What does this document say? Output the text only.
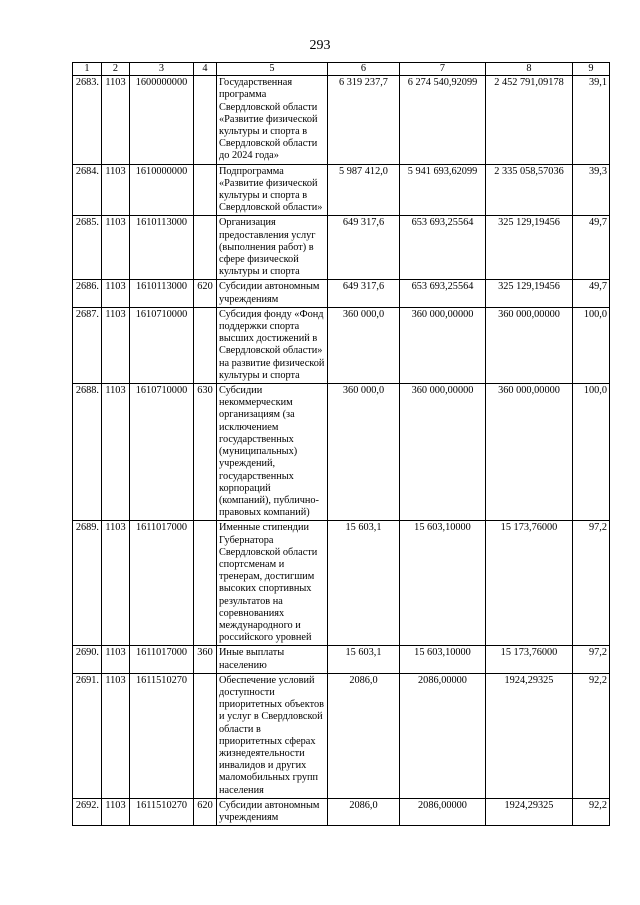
293
1	2	3	4	5	6	7	8	9
2683.	1103	1600000000		Государственная программа Свердловской области «Развитие физической культуры и спорта в Свердловской области до 2024 года»	6 319 237,7	6 274 540,92099	2 452 791,09178	39,1
2684.	1103	1610000000		Подпрограмма «Развитие физической культуры и спорта в Свердловской области»	5 987 412,0	5 941 693,62099	2 335 058,57036	39,3
2685.	1103	1610113000		Организация предоставления услуг (выполнения работ) в сфере физической культуры и спорта	649 317,6	653 693,25564	325 129,19456	49,7
2686.	1103	1610113000	620	Субсидии автономным учреждениям	649 317,6	653 693,25564	325 129,19456	49,7
2687.	1103	1610710000		Субсидия фонду «Фонд поддержки спорта высших достижений в Свердловской области» на развитие физической культуры и спорта	360 000,0	360 000,00000	360 000,00000	100,0
2688.	1103	1610710000	630	Субсидии некоммерческим организациям (за исключением государственных (муниципальных) учреждений, государственных корпораций (компаний), публично-правовых компаний)	360 000,0	360 000,00000	360 000,00000	100,0
2689.	1103	1611017000		Именные стипендии Губернатора Свердловской области спортсменам и тренерам, достигшим высоких спортивных результатов на соревнованиях международного и российского уровней	15 603,1	15 603,10000	15 173,76000	97,2
2690.	1103	1611017000	360	Иные выплаты населению	15 603,1	15 603,10000	15 173,76000	97,2
2691.	1103	1611510270		Обеспечение условий доступности приоритетных объектов и услуг в Свердловской области в приоритетных сферах жизнедеятельности инвалидов и других маломобильных групп населения	2086,0	2086,00000	1924,29325	92,2
2692.	1103	1611510270	620	Субсидии автономным учреждениям	2086,0	2086,00000	1924,29325	92,2
